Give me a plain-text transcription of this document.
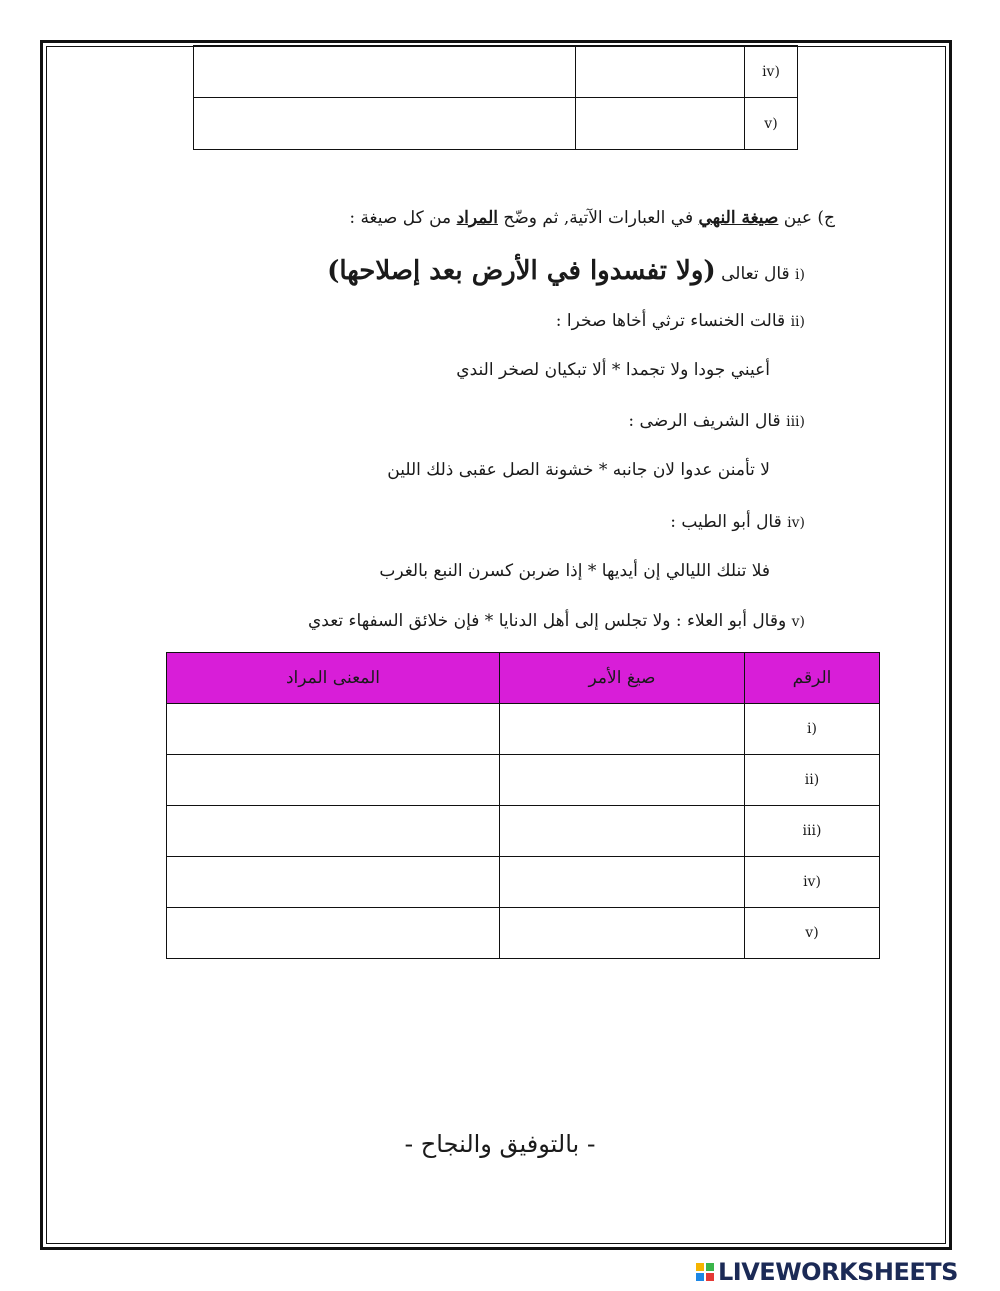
(iv		
(v		
ج) عين صيغة النهي في العبارات الآتية, ثم وضّح المراد من كل صيغة :
(i قال تعالى (ولا تفسدوا في الأرض بعد إصلاحها)
(ii قالت الخنساء ترثي أخاها صخرا :
أعيني جودا ولا تجمدا * ألا تبكيان لصخر الندي
(iii قال الشريف الرضى :
لا تأمنن عدوا لان جانبه * خشونة الصل عقبى ذلك اللين
(iv قال أبو الطيب :
فلا تنلك الليالي إن أيديها * إذا ضربن كسرن النبع بالغرب
(v وقال أبو العلاء : ولا تجلس إلى أهل الدنايا * فإن خلائق السفهاء تعدي
الرقم	صيغ الأمر	المعنى المراد
(i		
(ii		
(iii		
(iv		
(v		
- بالتوفيق والنجاح -
LIVEWORKSHEETS
